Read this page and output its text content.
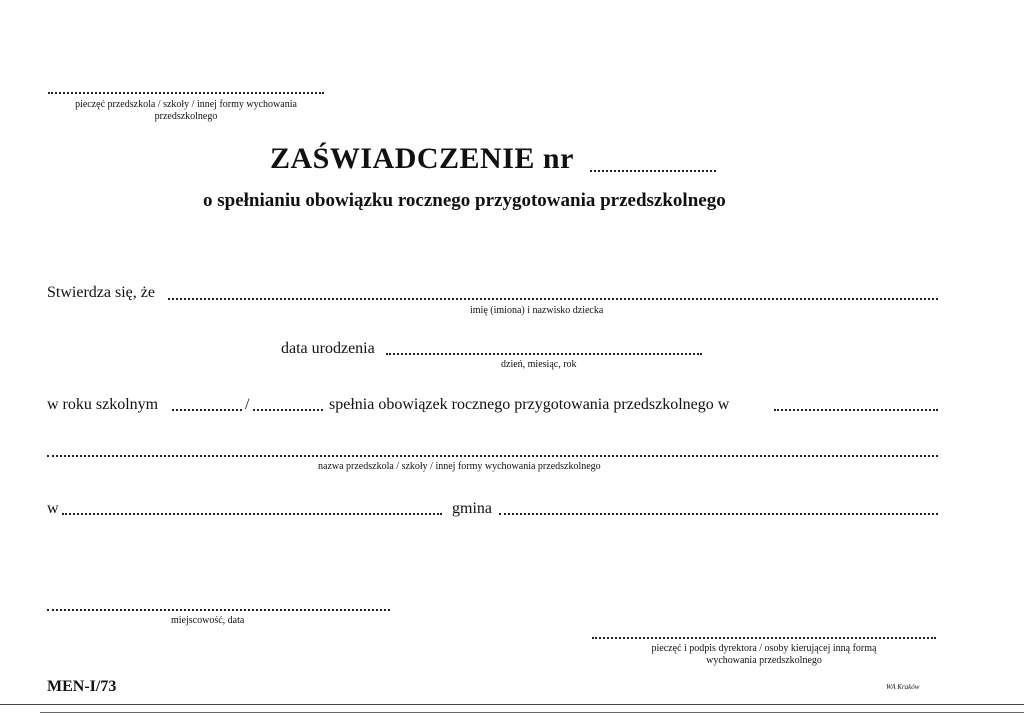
pieczęć przedszkola / szkoły / innej formy wychowania
przedszkolnego
ZAŚWIADCZENIE nr
o spełnianiu obowiązku rocznego przygotowania przedszkolnego
Stwierdza się, że
imię (imiona) i nazwisko dziecka
data urodzenia
dzień, miesiąc, rok
w roku szkolnym	/	spełnia obowiązek rocznego przygotowania przedszkolnego w
nazwa przedszkola / szkoły / innej formy wychowania przedszkolnego
w	gmina
miejscowość, data
pieczęć i podpis dyrektora / osoby kierującej inną formą
wychowania przedszkolnego
MEN-I/73	WA Kraków
